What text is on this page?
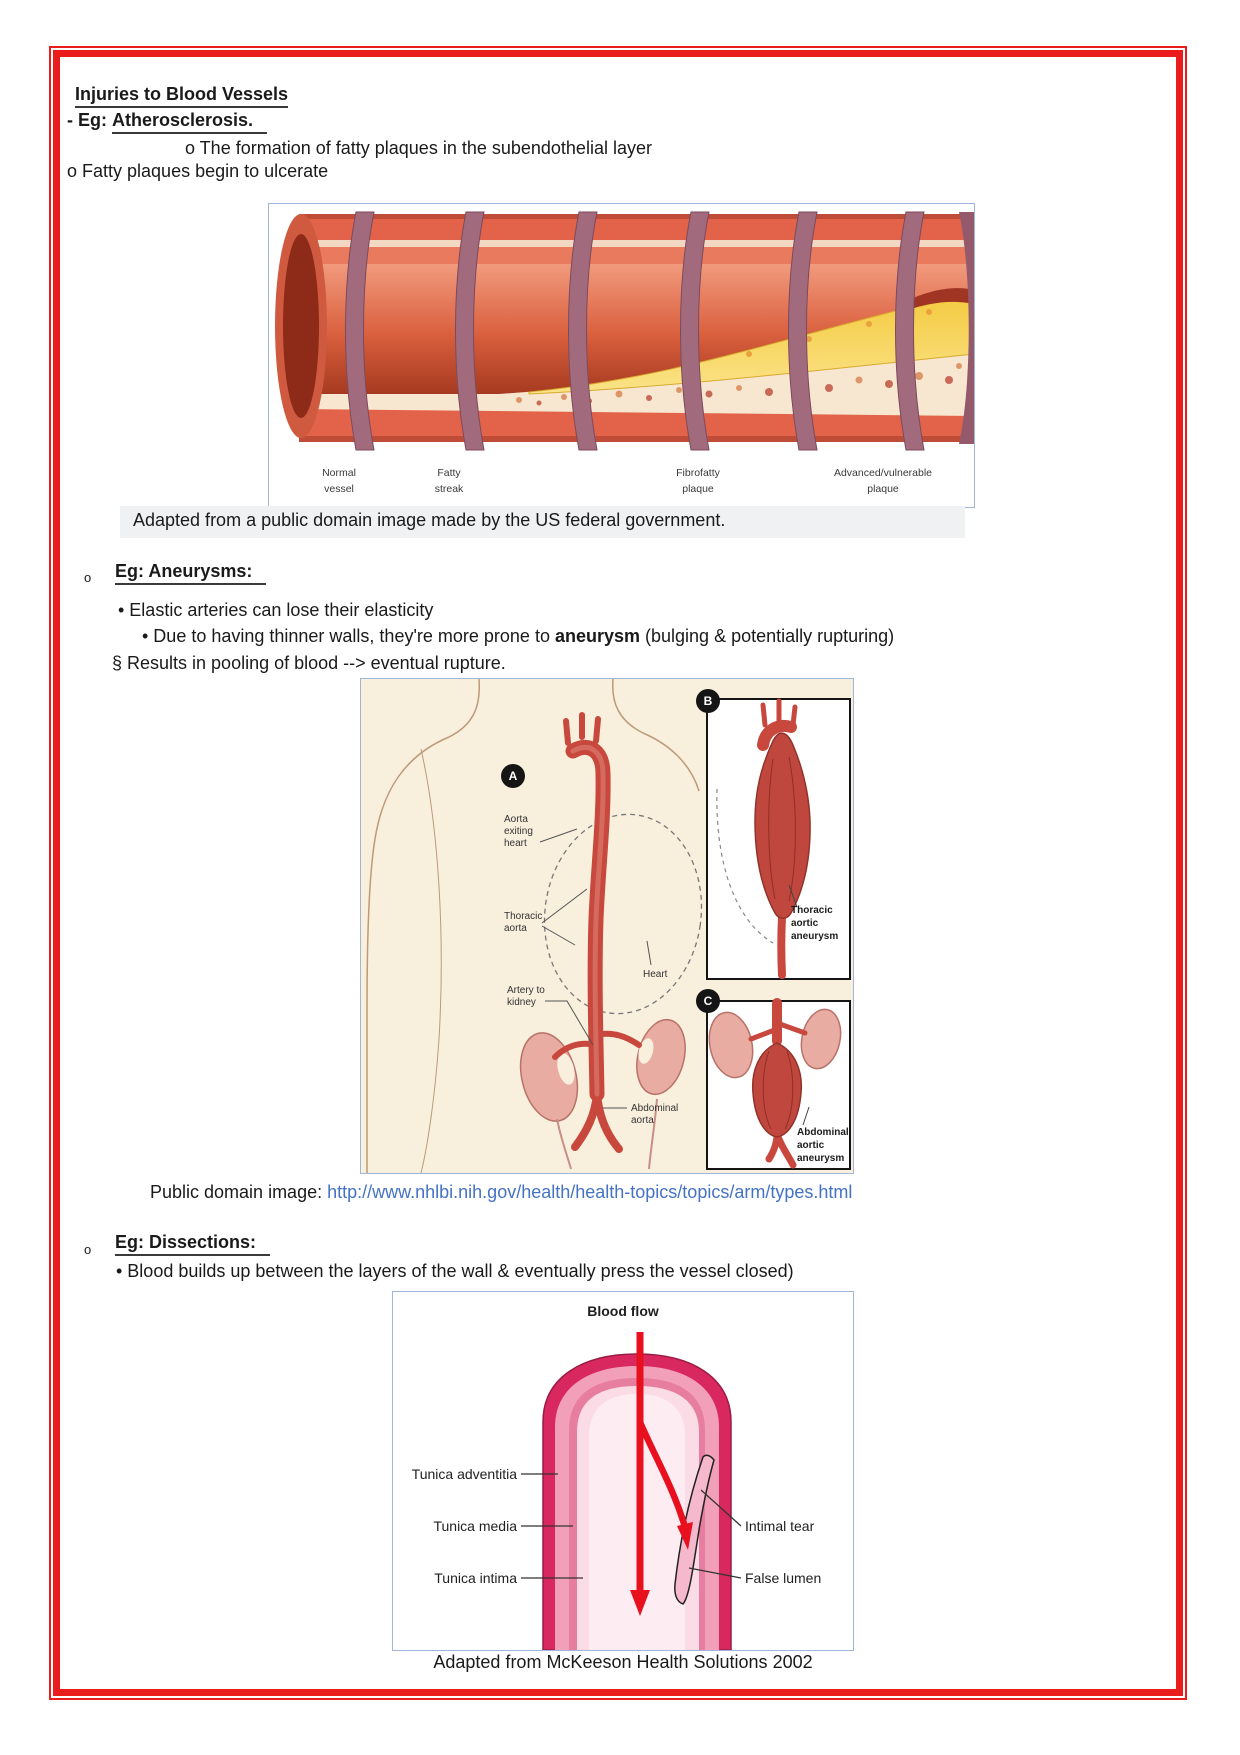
Injuries to Blood Vessels
- Eg: Atherosclerosis.
o The formation of fatty plaques in the subendothelial layer
o Fatty plaques begin to ulcerate
Normal
vessel
Fatty
streak
Fibrofatty
plaque
Advanced/vulnerable
plaque
Adapted from a public domain image made by the US federal government.
o Eg: Aneurysms:
• Elastic arteries can lose their elasticity
• Due to having thinner walls, they're more prone to aneurysm (bulging & potentially rupturing)
§ Results in pooling of blood --> eventual rupture.
Aorta
exiting
heart
Thoracic
aorta
Heart
Artery to
kidney
Abdominal
aorta
Thoracic
aortic
aneurysm
Abdominal
aortic
aneurysm
A
B
C
Public domain image: http://www.nhlbi.nih.gov/health/health-topics/topics/arm/types.html
o Eg: Dissections:
• Blood builds up between the layers of the wall & eventually press the vessel closed)
Blood flow
Tunica adventitia
Tunica media
Tunica intima
Intimal tear
False lumen
Adapted from McKeeson Health Solutions 2002
